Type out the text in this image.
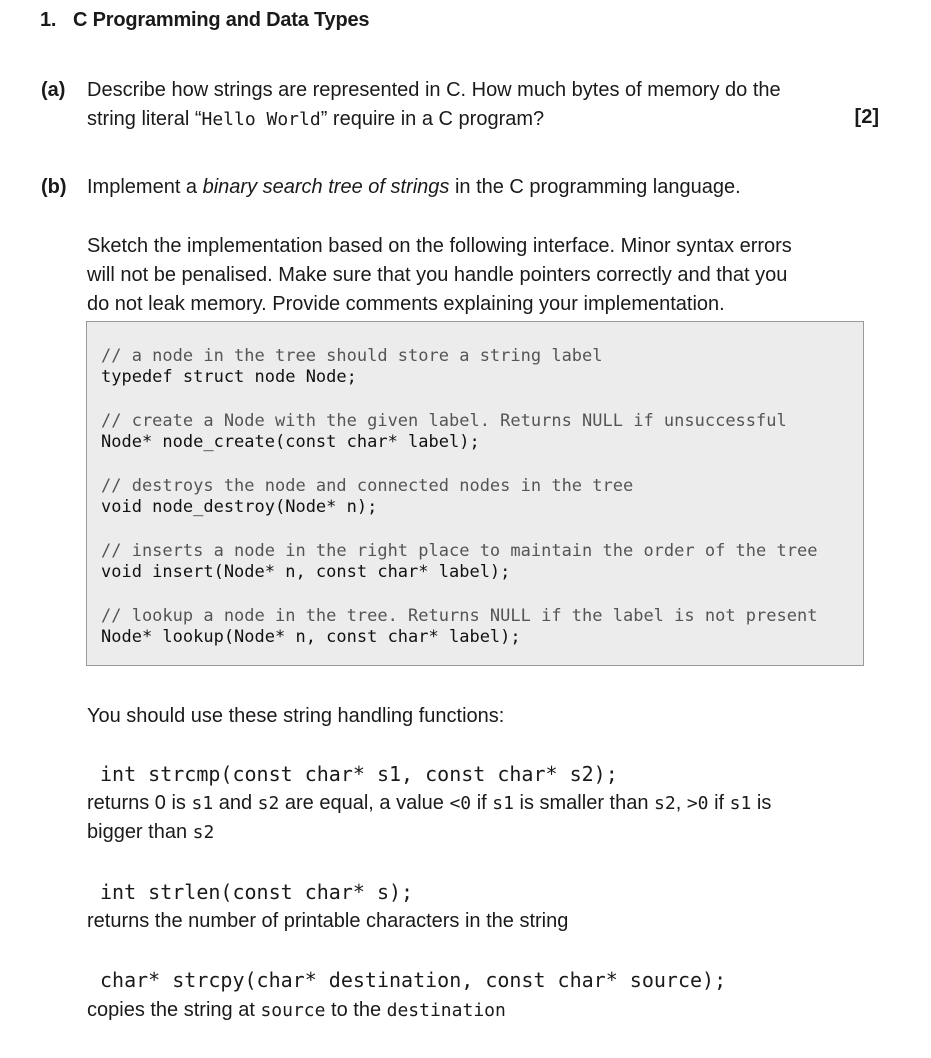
1. C Programming and Data Types
(a) Describe how strings are represented in C. How much bytes of memory do the
string literal “Hello World” require in a C program?	[2]
(b) Implement a binary search tree of strings in the C programming language.
Sketch the implementation based on the following interface. Minor syntax errors
will not be penalised. Make sure that you handle pointers correctly and that you
do not leak memory. Provide comments explaining your implementation.
// a node in the tree should store a string label
typedef struct node Node;
// create a Node with the given label. Returns NULL if unsuccessful
Node* node_create(const char* label);
// destroys the node and connected nodes in the tree
void node_destroy(Node* n);
// inserts a node in the right place to maintain the order of the tree
void insert(Node* n, const char* label);
// lookup a node in the tree. Returns NULL if the label is not present
Node* lookup(Node* n, const char* label);
You should use these string handling functions:
int strcmp(const char* s1, const char* s2);
returns 0 is s1 and s2 are equal, a value <0 if s1 is smaller than s2, >0 if s1 is
bigger than s2
int strlen(const char* s);
returns the number of printable characters in the string
char* strcpy(char* destination, const char* source);
copies the string at source to the destination
